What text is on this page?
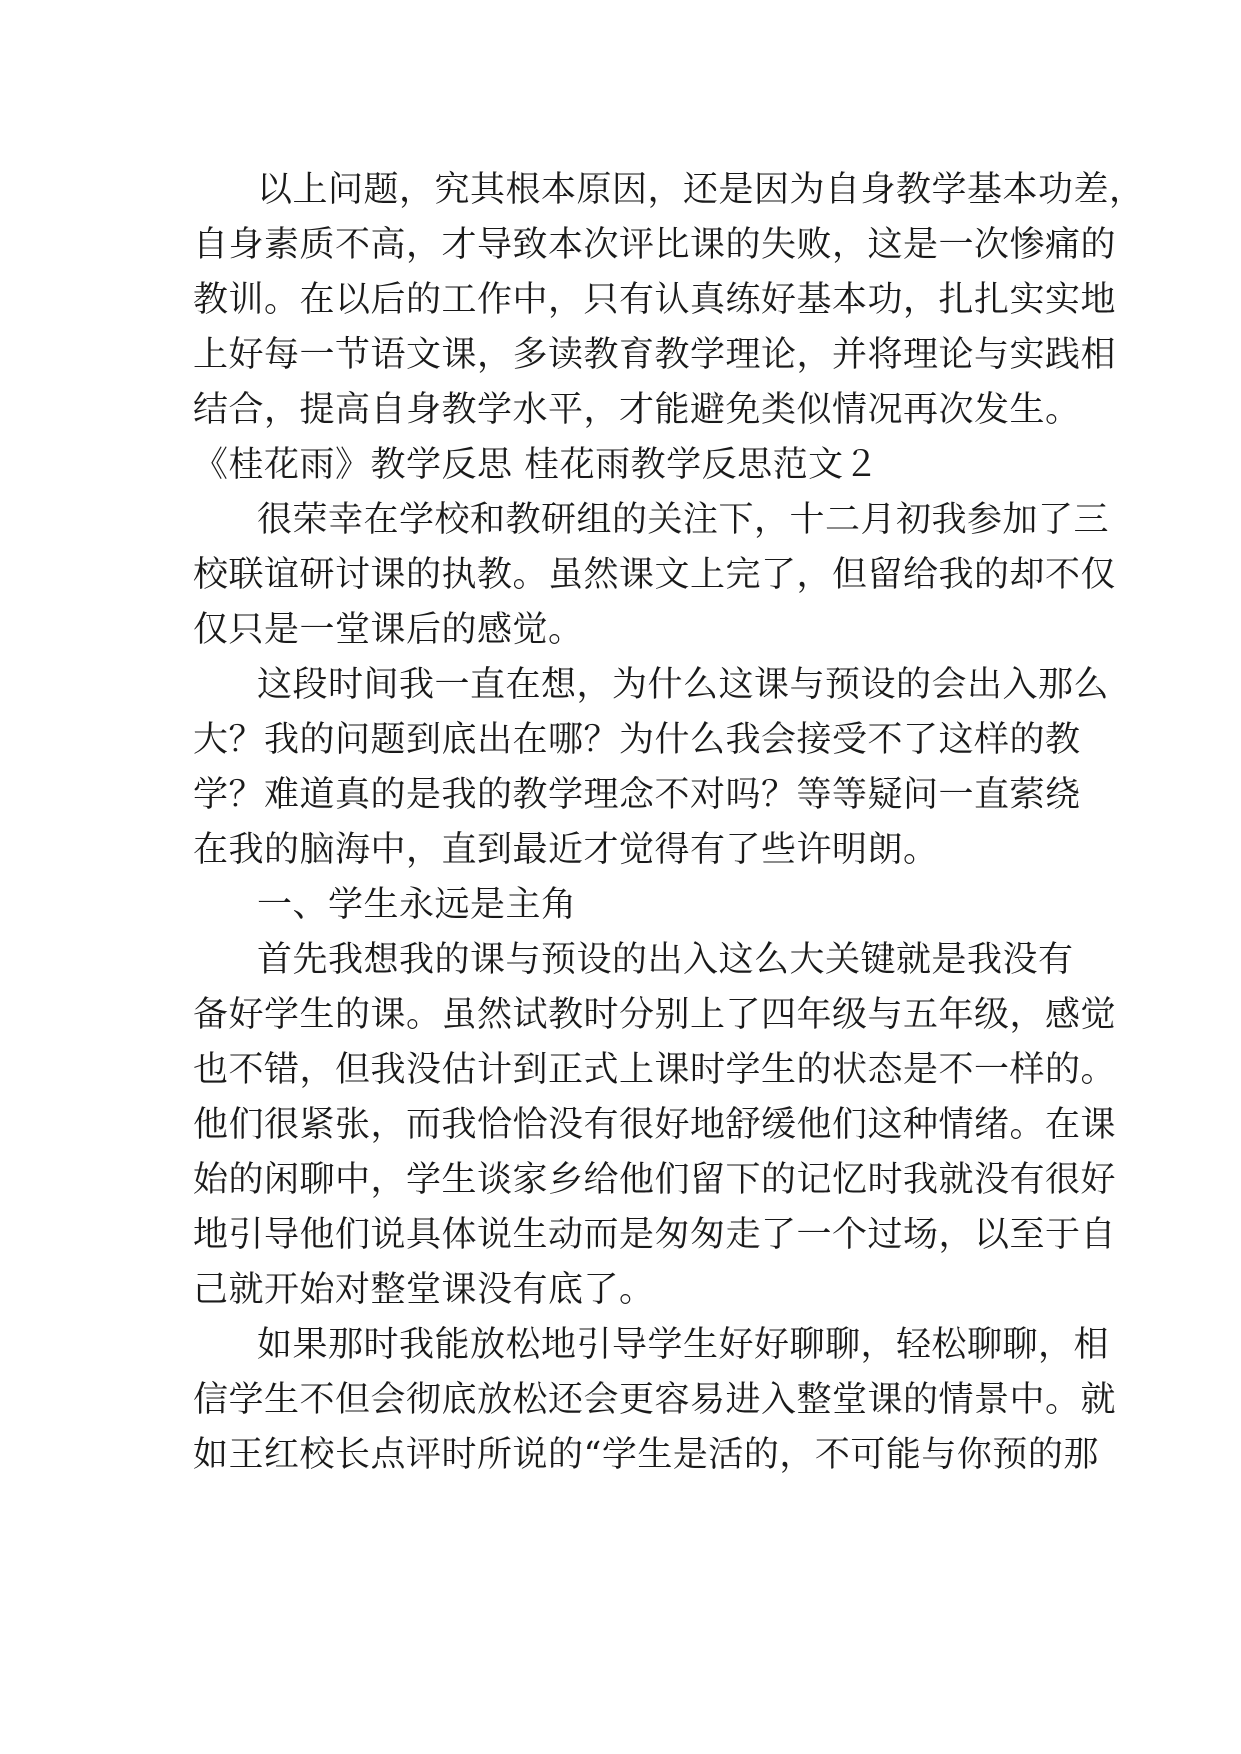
以上问题，究其根本原因，还是因为自身教学基本功差，
自身素质不高，才导致本次评比课的失败，这是一次惨痛的
教训。在以后的工作中，只有认真练好基本功，扎扎实实地
上好每一节语文课，多读教育教学理论，并将理论与实践相
结合，提高自身教学水平，才能避免类似情况再次发生。
《桂花雨》教学反思 桂花雨教学反思范文２
很荣幸在学校和教研组的关注下，十二月初我参加了三
校联谊研讨课的执教。虽然课文上完了，但留给我的却不仅
仅只是一堂课后的感觉。
这段时间我一直在想，为什么这课与预设的会出入那么
大？我的问题到底出在哪？为什么我会接受不了这样的教
学？难道真的是我的教学理念不对吗？等等疑问一直萦绕
在我的脑海中，直到最近才觉得有了些许明朗。
一、学生永远是主角
首先我想我的课与预设的出入这么大关键就是我没有
备好学生的课。虽然试教时分别上了四年级与五年级，感觉
也不错，但我没估计到正式上课时学生的状态是不一样的。
他们很紧张，而我恰恰没有很好地舒缓他们这种情绪。在课
始的闲聊中，学生谈家乡给他们留下的记忆时我就没有很好
地引导他们说具体说生动而是匆匆走了一个过场，以至于自
己就开始对整堂课没有底了。
如果那时我能放松地引导学生好好聊聊，轻松聊聊，相
信学生不但会彻底放松还会更容易进入整堂课的情景中。就
如王红校长点评时所说的“学生是活的，不可能与你预的那
